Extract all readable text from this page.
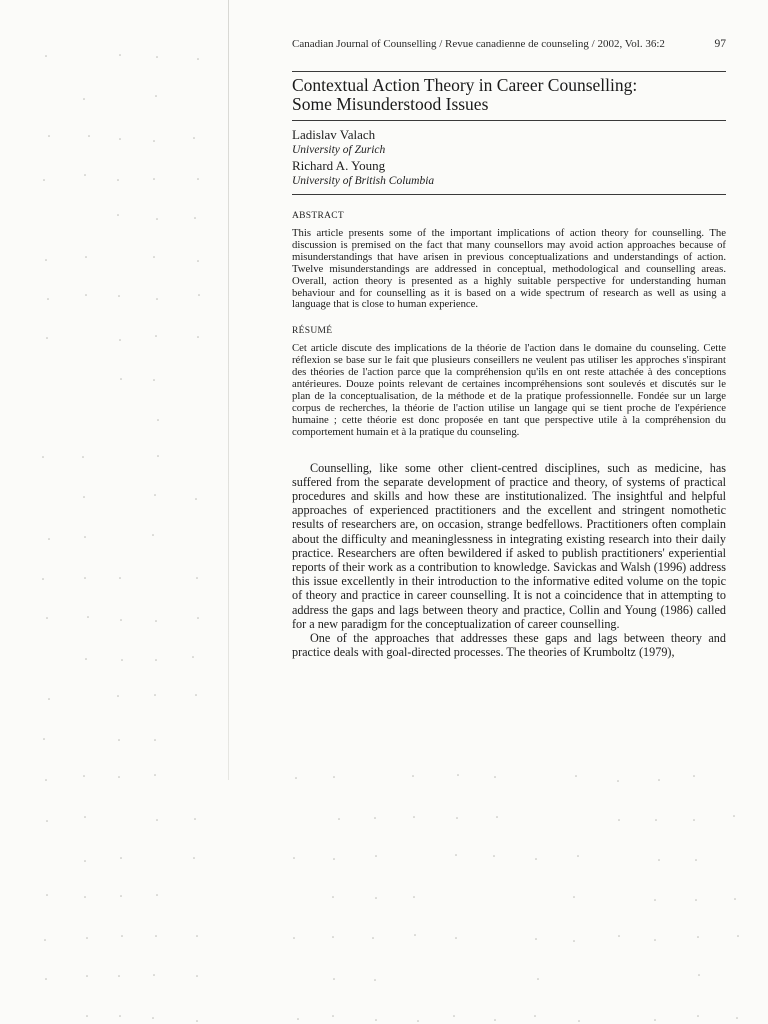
Canadian Journal of Counselling / Revue canadienne de counseling / 2002, Vol. 36:2	97
Contextual Action Theory in Career Counselling:
Some Misunderstood Issues
Ladislav Valach
University of Zurich
Richard A. Young
University of British Columbia
ABSTRACT

This article presents some of the important implications of action theory for counselling. The discussion is premised on the fact that many counsellors may avoid action approaches because of misunderstandings that have arisen in previous conceptualizations and understandings of action. Twelve misunderstandings are addressed in conceptual, methodological and counselling areas. Overall, action theory is presented as a highly suitable perspective for understanding human behaviour and for counselling as it is based on a wide spectrum of research as well as using a language that is close to human experience.

RÉSUMÉ

Cet article discute des implications de la théorie de l'action dans le domaine du counseling. Cette réflexion se base sur le fait que plusieurs conseillers ne veulent pas utiliser les approches s'inspirant des théories de l'action parce que la compréhension qu'ils en ont reste attachée à des conceptions antérieures. Douze points relevant de certaines incompréhensions sont soulevés et discutés sur le plan de la conceptualisation, de la méthode et de la pratique professionnelle. Fondée sur un large corpus de recherches, la théorie de l'action utilise un langage qui se tient proche de l'expérience humaine ; cette théorie est donc proposée en tant que perspective utile à la compréhension du comportement humain et à la pratique du counseling.

Counselling, like some other client-centred disciplines, such as medicine, has suffered from the separate development of practice and theory, of systems of practical procedures and skills and how these are institutionalized. The insightful and helpful approaches of experienced practitioners and the excellent and stringent nomothetic results of researchers are, on occasion, strange bedfellows. Practitioners often complain about the difficulty and meaninglessness in integrating existing research into their daily practice. Researchers are often bewildered if asked to publish practitioners' experiential reports of their work as a contribution to knowledge. Savickas and Walsh (1996) address this issue excellently in their introduction to the informative edited volume on the topic of theory and practice in career counselling. It is not a coincidence that in attempting to address the gaps and lags between theory and practice, Collin and Young (1986) called for a new paradigm for the conceptualization of career counselling.

One of the approaches that addresses these gaps and lags between theory and practice deals with goal-directed processes. The theories of Krumboltz (1979),
